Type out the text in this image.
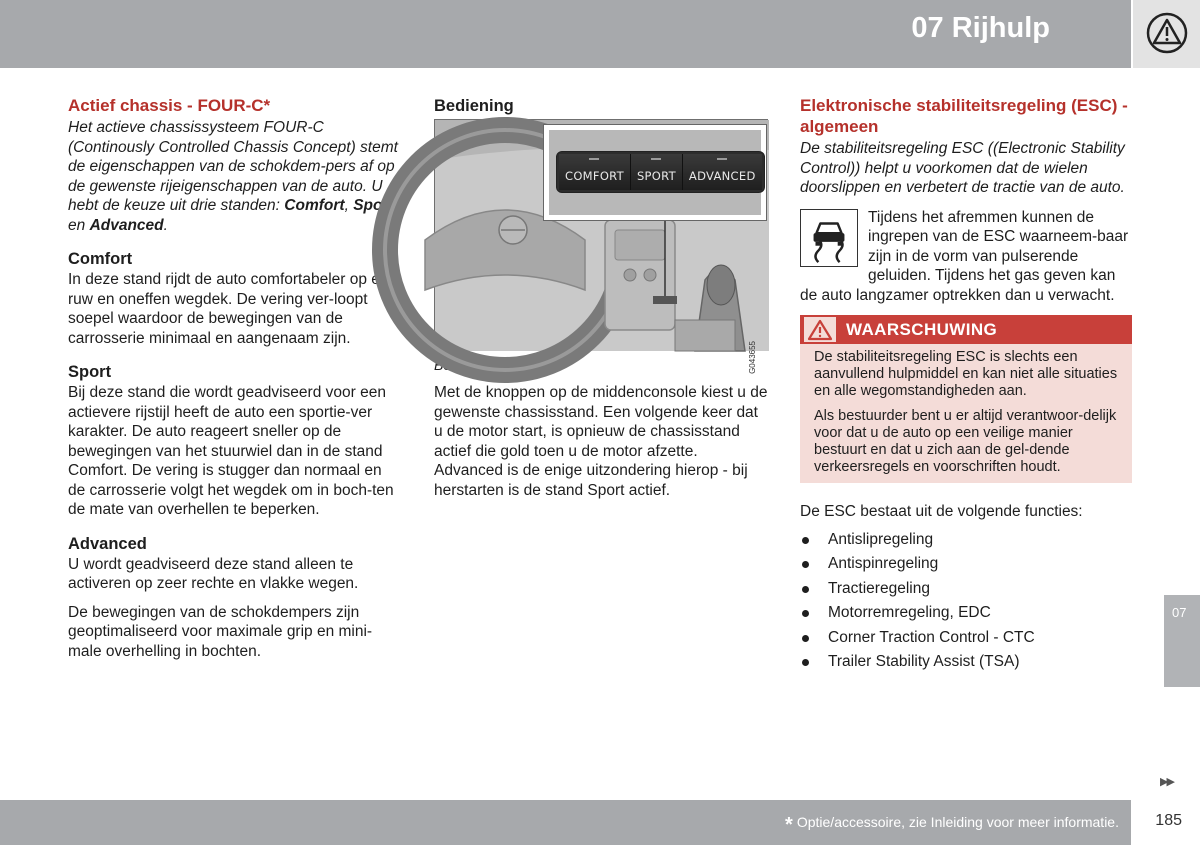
07 Rijhulp
Actief chassis - FOUR-C*

Het actieve chassissysteem FOUR-C (Continously Controlled Chassis Concept) stemt de eigenschappen van de schokdem-pers af op de gewenste rijeigenschappen van de auto. U hebt de keuze uit drie standen: Comfort, Sport en Advanced.

Comfort

In deze stand rijdt de auto comfortabeler op een ruw en oneffen wegdek. De vering ver-loopt soepel waardoor de bewegingen van de carrosserie minimaal en aangenaam zijn.

Sport

Bij deze stand die wordt geadviseerd voor een actievere rijstijl heeft de auto een sportie-ver karakter. De auto reageert sneller op de bewegingen van het stuurwiel dan in de stand Comfort. De vering is stugger dan normaal en de carrosserie volgt het wegdek om in boch-ten de mate van overhellen te beperken.

Advanced

U wordt geadviseerd deze stand alleen te activeren op zeer rechte en vlakke wegen.

De bewegingen van de schokdempers zijn geoptimaliseerd voor maximale grip en mini-male overhelling in bochten.

Bediening
COMFORT SPORT ADVANCED
G043655

Bedieningsknoppen.

Met de knoppen op de middenconsole kiest u de gewenste chassisstand. Een volgende keer dat u de motor start, is opnieuw de chassisstand actief die gold toen u de motor afzette. Advanced is de enige uitzondering hierop - bij herstarten is de stand Sport actief.

Elektronische stabiliteitsregeling (ESC) - algemeen

De stabiliteitsregeling ESC ((Electronic Stability Control)) helpt u voorkomen dat de wielen doorslippen en verbetert de tractie van de auto.

Tijdens het afremmen kunnen de ingrepen van de ESC waarneem-baar zijn in de vorm van pulserende geluiden. Tijdens het gas geven kan de auto langzamer optrekken dan u verwacht.
WAARSCHUWING

De stabiliteitsregeling ESC is slechts een aanvullend hulpmiddel en kan niet alle situaties en alle wegomstandigheden aan.

Als bestuurder bent u er altijd verantwoor-delijk voor dat u de auto op een veilige manier bestuurt en dat u zich aan de gel-dende verkeersregels en voorschriften houdt.

De ESC bestaat uit de volgende functies:

Antislipregeling
Antispinregeling
Tractieregeling
Motorremregeling, EDC
Corner Traction Control - CTC
Trailer Stability Assist (TSA)
07
▶▶
* Optie/accessoire, zie Inleiding voor meer informatie. 185
